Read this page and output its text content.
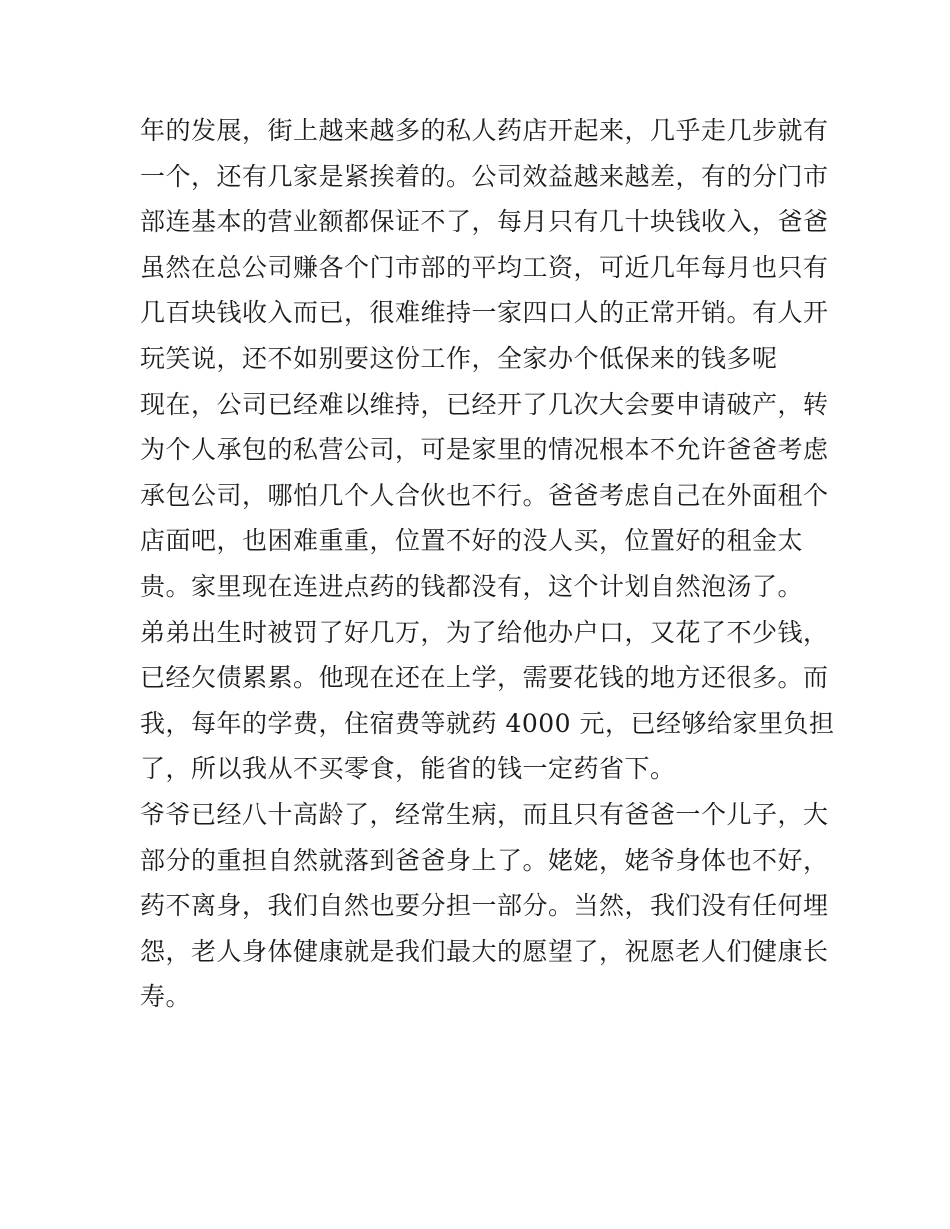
年的发展，街上越来越多的私人药店开起来，几乎走几步就有
一个，还有几家是紧挨着的。公司效益越来越差，有的分门市
部连基本的营业额都保证不了，每月只有几十块钱收入，爸爸
虽然在总公司赚各个门市部的平均工资，可近几年每月也只有
几百块钱收入而已，很难维持一家四口人的正常开销。有人开
玩笑说，还不如别要这份工作，全家办个低保来的钱多呢
现在，公司已经难以维持，已经开了几次大会要申请破产，转
为个人承包的私营公司，可是家里的情况根本不允许爸爸考虑
承包公司，哪怕几个人合伙也不行。爸爸考虑自己在外面租个
店面吧，也困难重重，位置不好的没人买，位置好的租金太
贵。家里现在连进点药的钱都没有，这个计划自然泡汤了。
弟弟出生时被罚了好几万，为了给他办户口，又花了不少钱，
已经欠债累累。他现在还在上学，需要花钱的地方还很多。而
我，每年的学费，住宿费等就药 4000 元，已经够给家里负担
了，所以我从不买零食，能省的钱一定药省下。
爷爷已经八十高龄了，经常生病，而且只有爸爸一个儿子，大
部分的重担自然就落到爸爸身上了。姥姥，姥爷身体也不好，
药不离身，我们自然也要分担一部分。当然，我们没有任何埋
怨，老人身体健康就是我们最大的愿望了，祝愿老人们健康长
寿。
